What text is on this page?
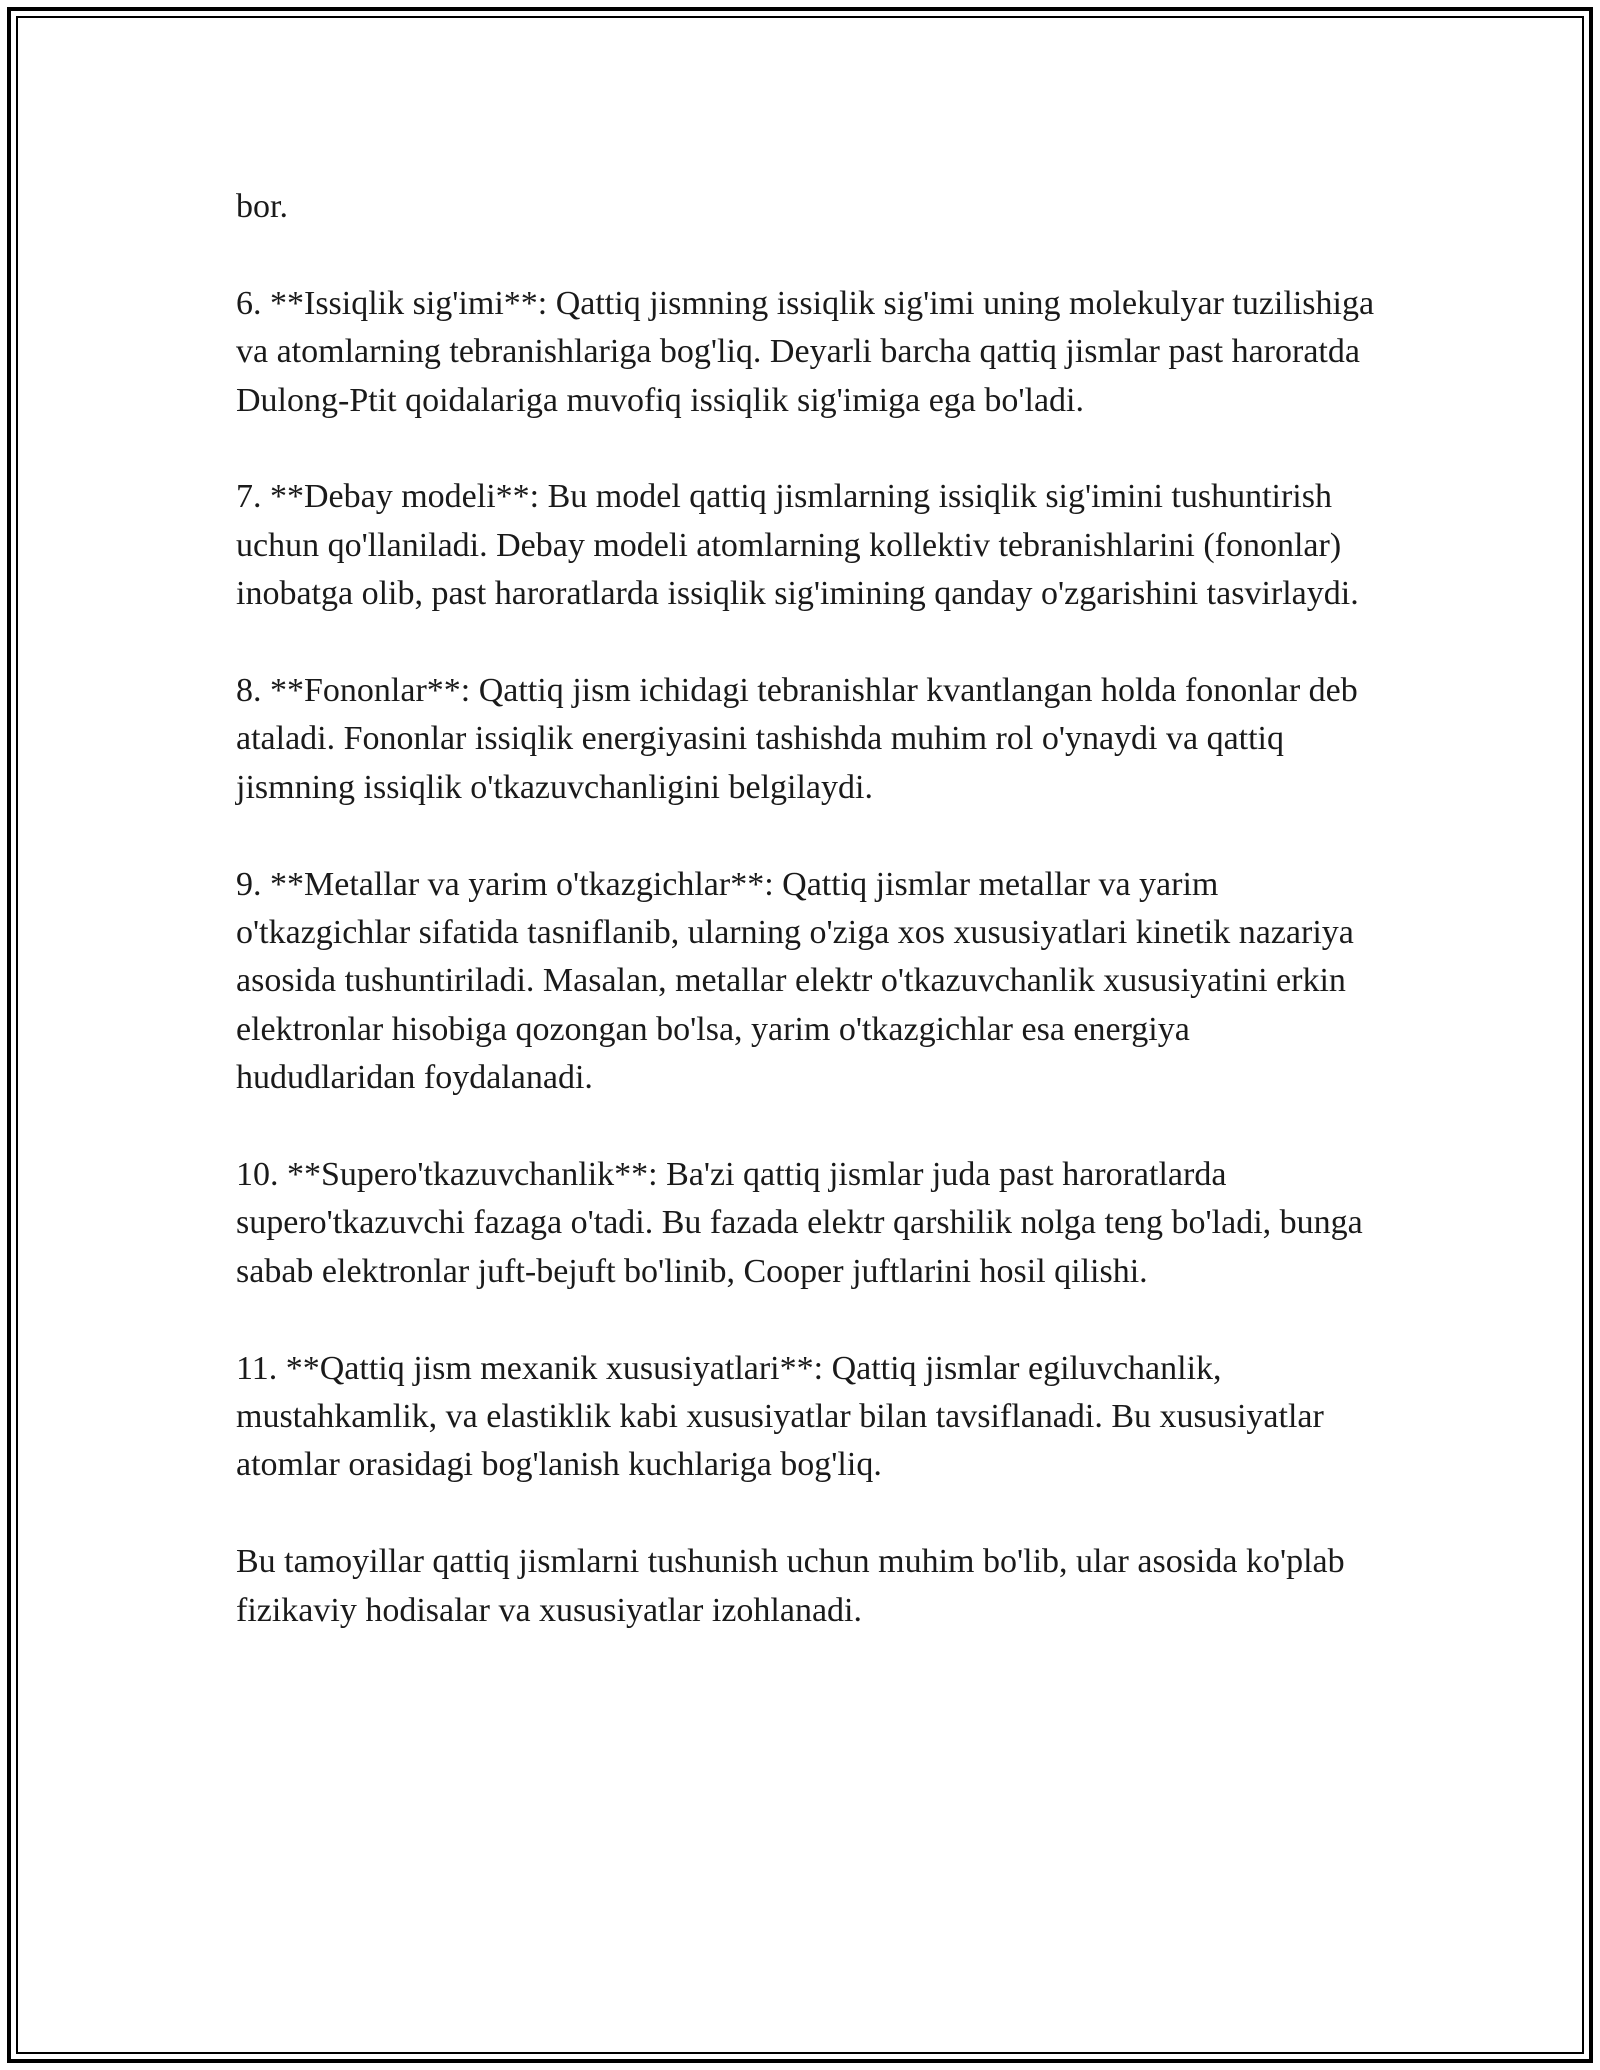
bor.

6. **Issiqlik sig'imi**: Qattiq jismning issiqlik sig'imi uning molekulyar tuzilishiga va atomlarning tebranishlariga bog'liq. Deyarli barcha qattiq jismlar past haroratda Dulong-Ptit qoidalariga muvofiq issiqlik sig'imiga ega bo'ladi.

7. **Debay modeli**: Bu model qattiq jismlarning issiqlik sig'imini tushuntirish uchun qo'llaniladi. Debay modeli atomlarning kollektiv tebranishlarini (fononlar) inobatga olib, past haroratlarda issiqlik sig'imining qanday o'zgarishini tasvirlaydi.

8. **Fononlar**: Qattiq jism ichidagi tebranishlar kvantlangan holda fononlar deb ataladi. Fononlar issiqlik energiyasini tashishda muhim rol o'ynaydi va qattiq jismning issiqlik o'tkazuvchanligini belgilaydi.

9. **Metallar va yarim o'tkazgichlar**: Qattiq jismlar metallar va yarim o'tkazgichlar sifatida tasniflanib, ularning o'ziga xos xususiyatlari kinetik nazariya asosida tushuntiriladi. Masalan, metallar elektr o'tkazuvchanlik xususiyatini erkin elektronlar hisobiga qozongan bo'lsa, yarim o'tkazgichlar esa energiya hududlaridan foydalanadi.

10. **Supero'tkazuvchanlik**: Ba'zi qattiq jismlar juda past haroratlarda supero'tkazuvchi fazaga o'tadi. Bu fazada elektr qarshilik nolga teng bo'ladi, bunga sabab elektronlar juft-bejuft bo'linib, Cooper juftlarini hosil qilishi.

11. **Qattiq jism mexanik xususiyatlari**: Qattiq jismlar egiluvchanlik, mustahkamlik, va elastiklik kabi xususiyatlar bilan tavsiflanadi. Bu xususiyatlar atomlar orasidagi bog'lanish kuchlariga bog'liq.

Bu tamoyillar qattiq jismlarni tushunish uchun muhim bo'lib, ular asosida ko'plab fizikaviy hodisalar va xususiyatlar izohlanadi.
